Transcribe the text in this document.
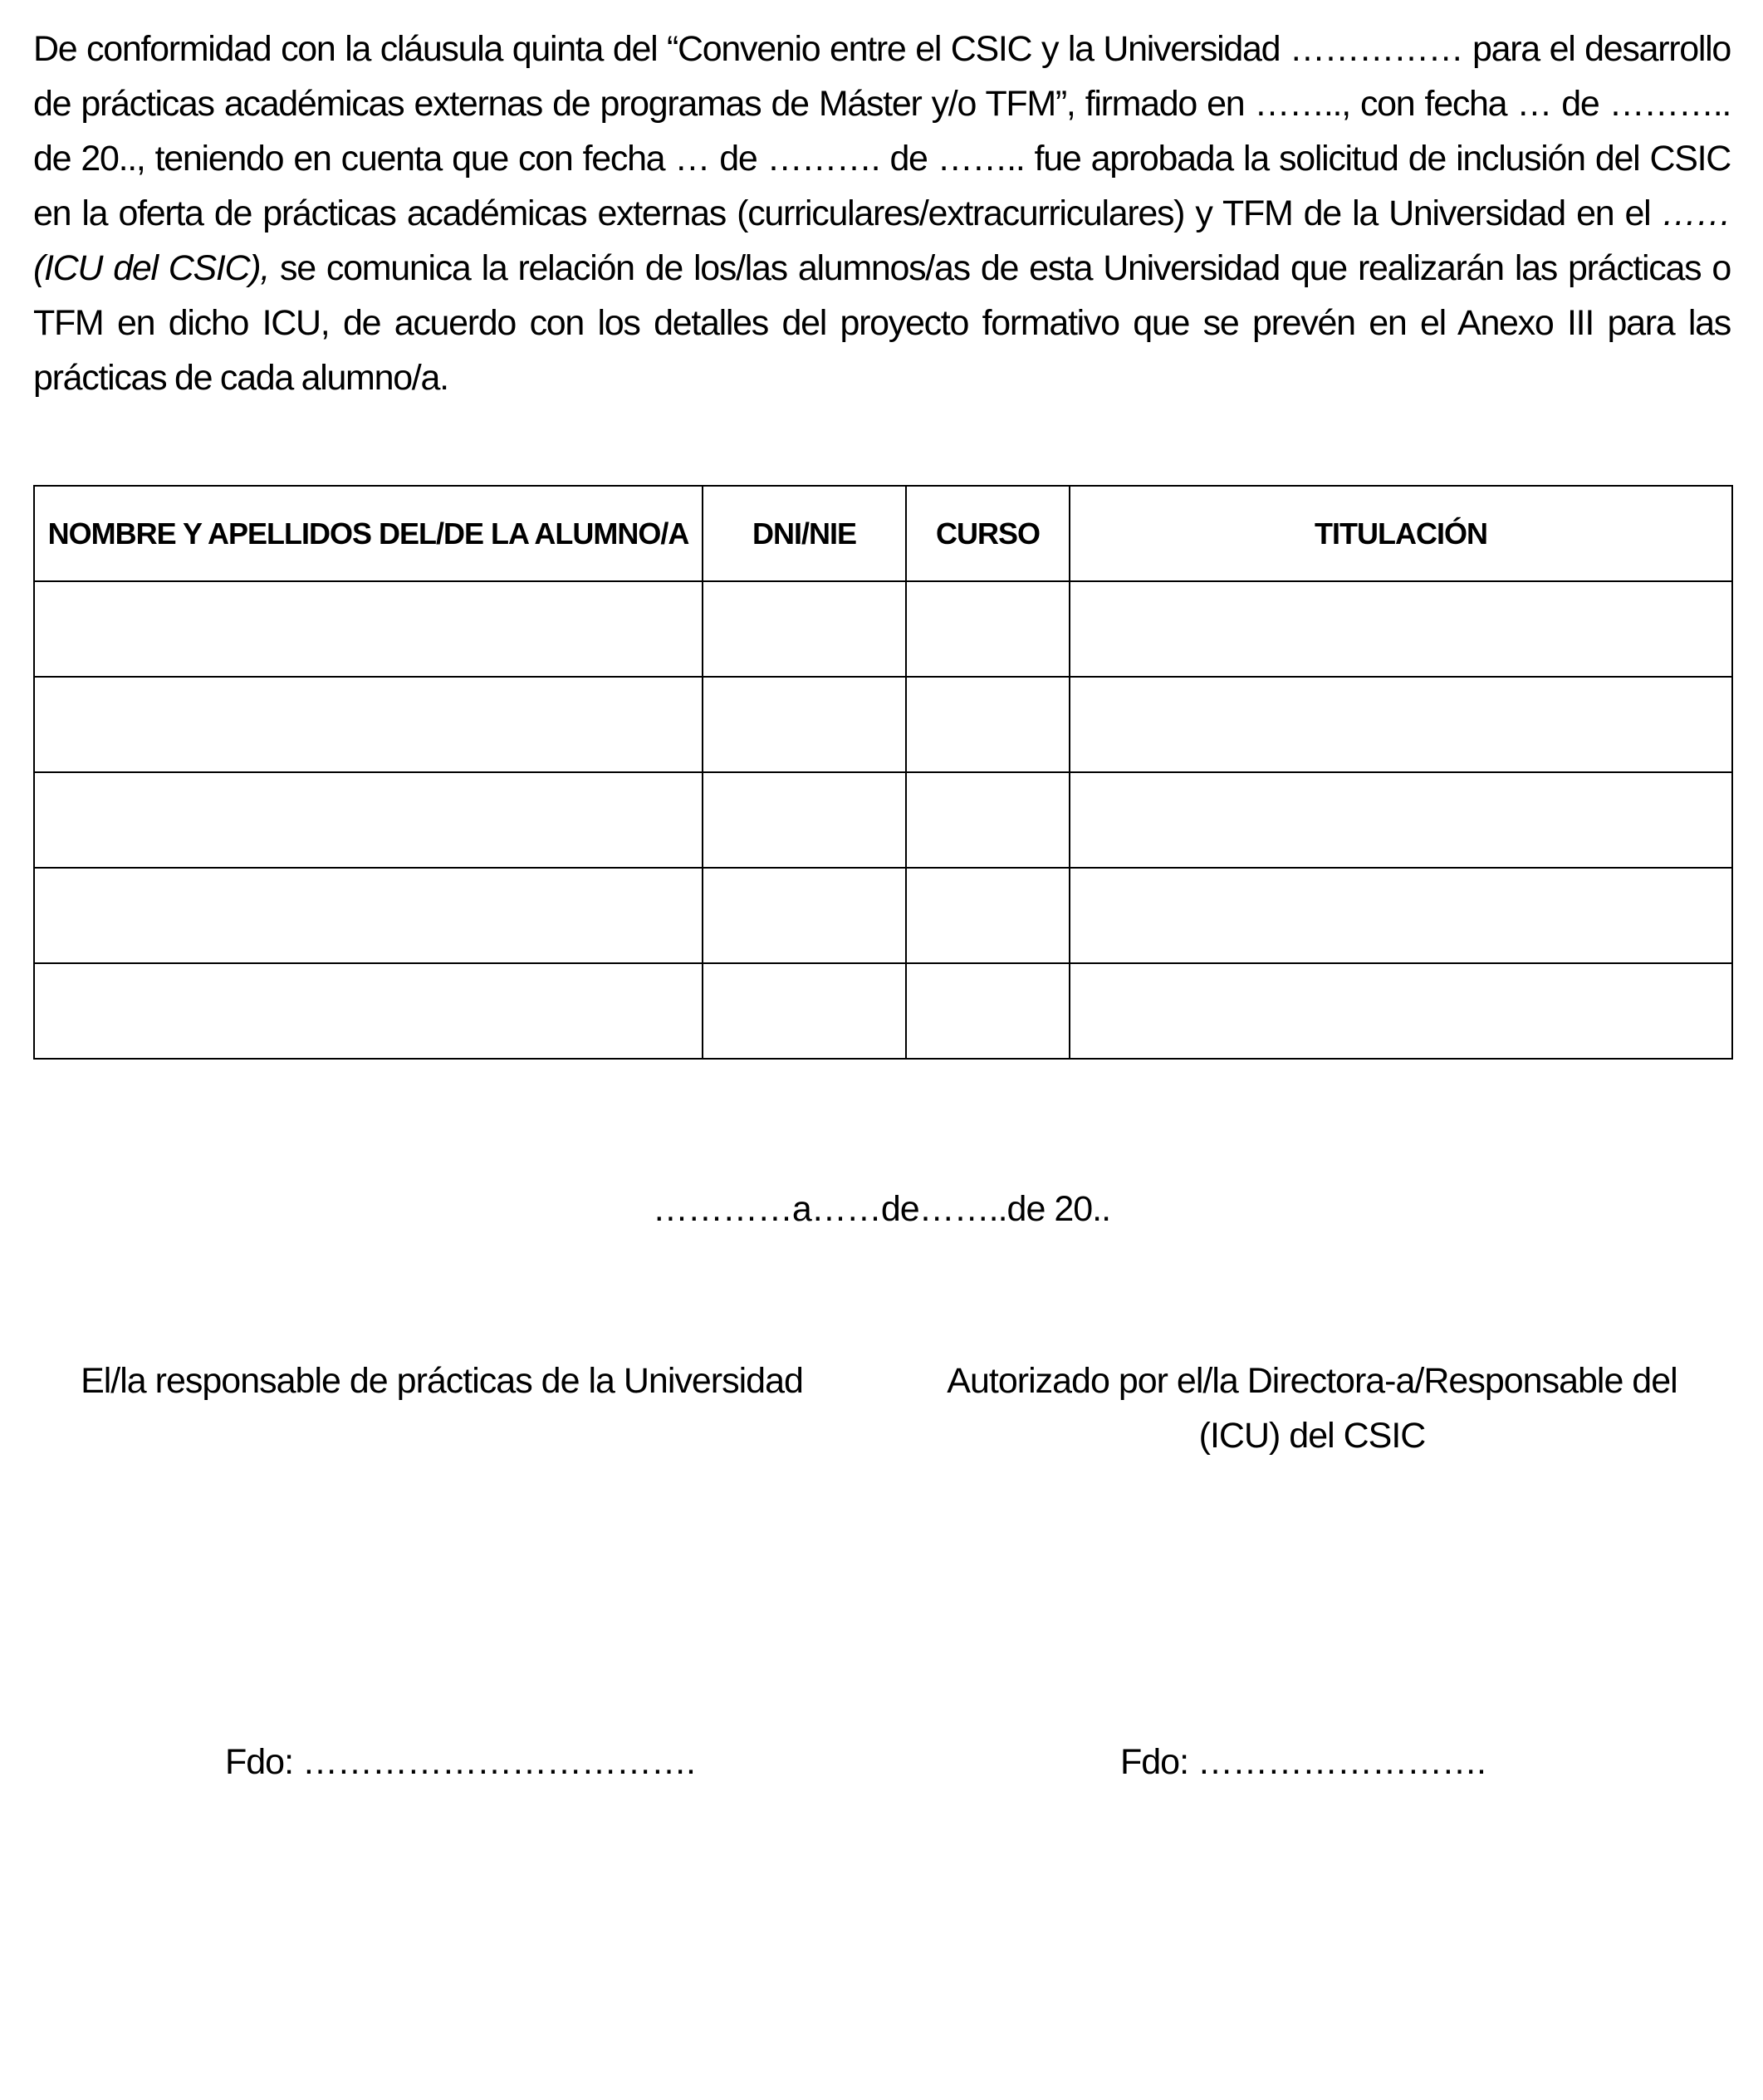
De conformidad con la cláusula quinta del “Convenio entre el CSIC y la Universidad …………… para el desarrollo de prácticas académicas externas de programas de Máster y/o TFM”, firmado en …….., con fecha … de ……….. de 20.., teniendo en cuenta que con fecha … de ………. de …….. fue aprobada la solicitud de inclusión del CSIC en la oferta de prácticas académicas externas (curriculares/extracurriculares) y TFM de la Universidad en el ……(ICU del CSIC), se comunica la relación de los/las alumnos/as de esta Universidad que realizarán las prácticas o TFM en dicho ICU, de acuerdo con los detalles del proyecto formativo que se prevén en el Anexo III para las prácticas de cada alumno/a.

NOMBRE Y APELLIDOS DEL/DE LA ALUMNO/A	DNI/NIE	CURSO	TITULACIÓN

…………a……de……..de 20..
El/la responsable de prácticas de la Universidad	Autorizado por el/la Directora-a/Responsable del
(ICU) del CSIC
Fdo: …………………………….	Fdo: …………………….
